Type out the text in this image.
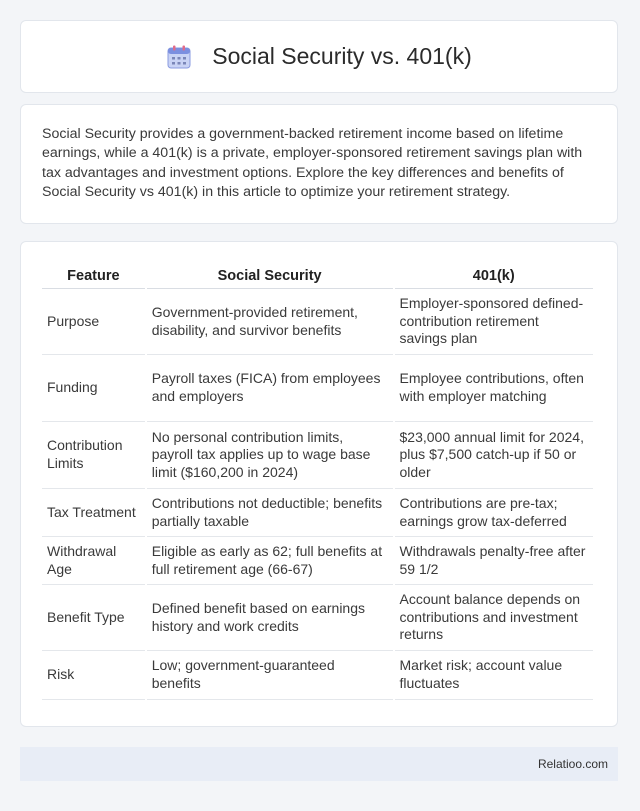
Social Security vs. 401(k)

Social Security provides a government-backed retirement income based on lifetime earnings, while a 401(k) is a private, employer-sponsored retirement savings plan with tax advantages and investment options. Explore the key differences and benefits of Social Security vs 401(k) in this article to optimize your retirement strategy.

Feature	Social Security	401(k)
Purpose	Government-provided retirement, disability, and survivor benefits	Employer-sponsored defined-contribution retirement savings plan
Funding	Payroll taxes (FICA) from employees and employers	Employee contributions, often with employer matching
Contribution Limits	No personal contribution limits, payroll tax applies up to wage base limit ($160,200 in 2024)	$23,000 annual limit for 2024, plus $7,500 catch-up if 50 or older
Tax Treatment	Contributions not deductible; benefits partially taxable	Contributions are pre-tax; earnings grow tax-deferred
Withdrawal Age	Eligible as early as 62; full benefits at full retirement age (66-67)	Withdrawals penalty-free after 59 1/2
Benefit Type	Defined benefit based on earnings history and work credits	Account balance depends on contributions and investment returns
Risk	Low; government-guaranteed benefits	Market risk; account value fluctuates
Relatioo.com
